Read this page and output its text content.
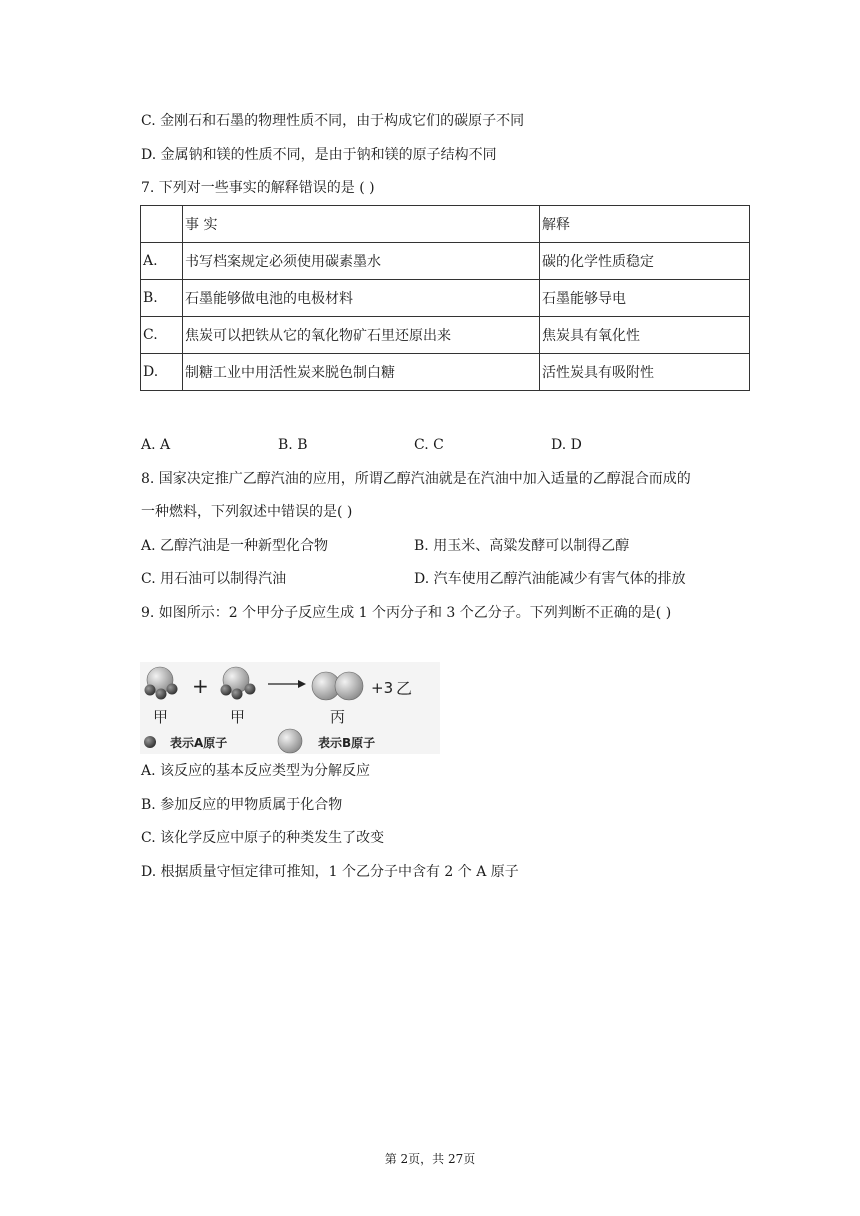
C. 金刚石和石墨的物理性质不同，由于构成它们的碳原子不同
D. 金属钠和镁的性质不同，是由于钠和镁的原子结构不同
7. 下列对一些事实的解释错误的是 ( )
	事 实	解释
A.	书写档案规定必须使用碳素墨水	碳的化学性质稳定
B.	石墨能够做电池的电极材料	石墨能够导电
C.	焦炭可以把铁从它的氧化物矿石里还原出来	焦炭具有氧化性
D.	制糖工业中用活性炭来脱色制白糖	活性炭具有吸附性
A. A	B. B	C. C	D. D
8. 国家决定推广乙醇汽油的应用，所谓乙醇汽油就是在汽油中加入适量的乙醇混合而成的
一种燃料，下列叙述中错误的是( )
A. 乙醇汽油是一种新型化合物	B. 用玉米、高粱发酵可以制得乙醇
C. 用石油可以制得汽油	D. 汽车使用乙醇汽油能减少有害气体的排放
9. 如图所示：2 个甲分子反应生成 1 个丙分子和 3 个乙分子。下列判断不正确的是( )
+	+3 乙
甲	甲	丙
表示A原子	表示B原子
A. 该反应的基本反应类型为分解反应
B. 参加反应的甲物质属于化合物
C. 该化学反应中原子的种类发生了改变
D. 根据质量守恒定律可推知，1 个乙分子中含有 2 个 A 原子
第 2页，共 27页
